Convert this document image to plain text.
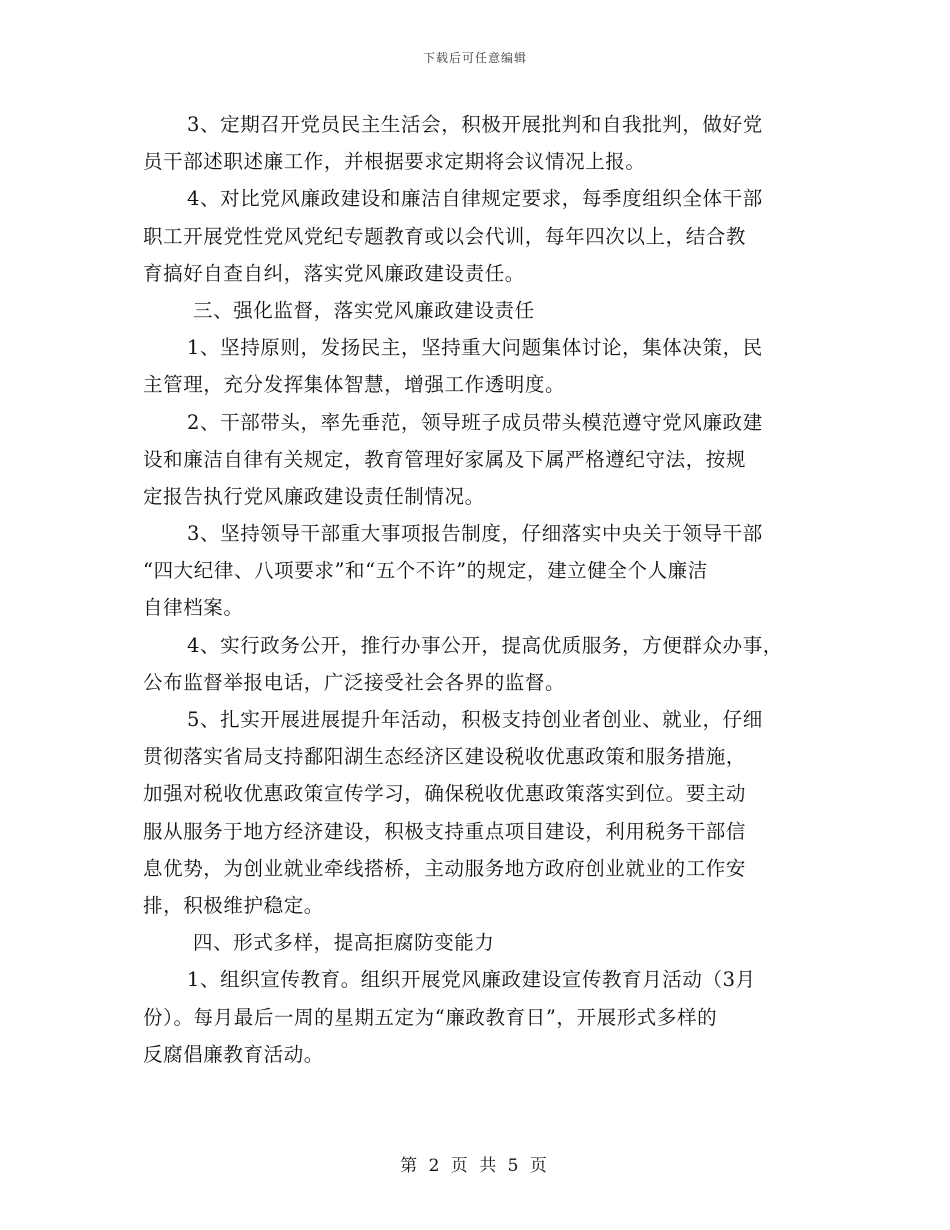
下载后可任意编辑
3、定期召开党员民主生活会，积极开展批判和自我批判，做好党
员干部述职述廉工作，并根据要求定期将会议情况上报。
4、对比党风廉政建设和廉洁自律规定要求，每季度组织全体干部
职工开展党性党风党纪专题教育或以会代训，每年四次以上，结合教
育搞好自查自纠，落实党风廉政建设责任。
三、强化监督，落实党风廉政建设责任
1、坚持原则，发扬民主，坚持重大问题集体讨论，集体决策，民
主管理，充分发挥集体智慧，增强工作透明度。
2、干部带头，率先垂范，领导班子成员带头模范遵守党风廉政建
设和廉洁自律有关规定，教育管理好家属及下属严格遵纪守法，按规
定报告执行党风廉政建设责任制情况。
3、坚持领导干部重大事项报告制度，仔细落实中央关于领导干部
“四大纪律、八项要求”和“五个不许”的规定，建立健全个人廉洁
自律档案。
4、实行政务公开，推行办事公开，提高优质服务，方便群众办事，
公布监督举报电话，广泛接受社会各界的监督。
5、扎实开展进展提升年活动，积极支持创业者创业、就业，仔细
贯彻落实省局支持鄱阳湖生态经济区建设税收优惠政策和服务措施，
加强对税收优惠政策宣传学习，确保税收优惠政策落实到位。要主动
服从服务于地方经济建设，积极支持重点项目建设，利用税务干部信
息优势，为创业就业牵线搭桥，主动服务地方政府创业就业的工作安
排，积极维护稳定。
四、形式多样，提高拒腐防变能力
1、组织宣传教育。组织开展党风廉政建设宣传教育月活动（3月
份）。每月最后一周的星期五定为“廉政教育日”，开展形式多样的
反腐倡廉教育活动。
第 2 页 共 5 页
